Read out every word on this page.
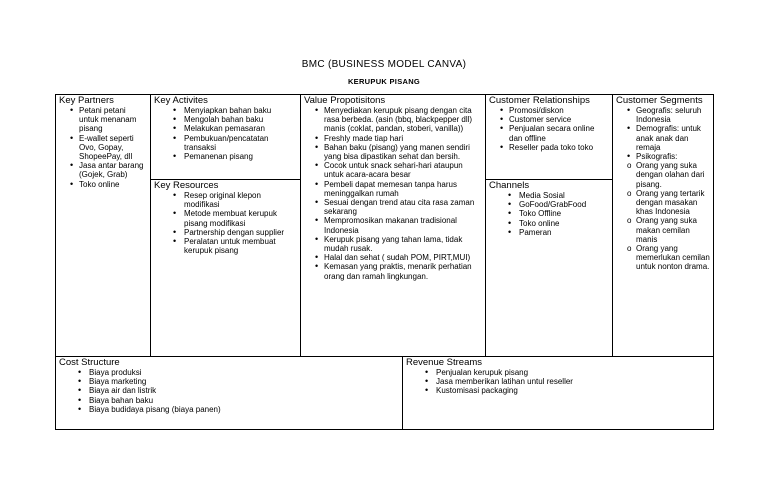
BMC (BUSINESS MODEL CANVA)
KERUPUK PISANG
Key Partners
• Petani petani untuk menanam pisang
• E-wallet seperti Ovo, Gopay, ShopeePay, dll
• Jasa antar barang (Gojek, Grab)
• Toko online
Key Activites
• Menyiapkan bahan baku
• Mengolah bahan baku
• Melakukan pemasaran
• Pembukuan/pencatatan transaksi
• Pemanenan pisang
Key Resources
• Resep original klepon modifikasi
• Metode membuat kerupuk pisang modifikasi
• Partnership dengan supplier
• Peralatan untuk membuat kerupuk pisang
Value Propotisitons
• Menyediakan kerupuk pisang dengan cita rasa berbeda. (asin (bbq, blackpepper dll) manis (coklat, pandan, stoberi, vanilla))
• Freshly made tiap hari
• Bahan baku (pisang) yang manen sendiri yang bisa dipastikan sehat dan bersih.
• Cocok untuk snack sehari-hari ataupun untuk acara-acara besar
• Pembeli dapat memesan tanpa harus meninggalkan rumah
• Sesuai dengan trend atau cita rasa zaman sekarang
• Mempromosikan makanan tradisional Indonesia
• Kerupuk pisang yang tahan lama, tidak mudah rusak.
• Halal dan sehat ( sudah POM, PIRT,MUI)
• Kemasan yang praktis, menarik perhatian orang dan ramah lingkungan.
Customer Relationships
• Promosi/diskon
• Customer service
• Penjualan secara online dan offline
• Reseller pada toko toko
Channels
• Media Sosial
• GoFood/GrabFood
• Toko Offline
• Toko online
• Pameran
Customer Segments
• Geografis: seluruh Indonesia
• Demografis: untuk anak anak dan remaja
• Psikografis:
o Orang yang suka dengan olahan dari pisang.
o Orang yang tertarik dengan masakan khas Indonesia
o Orang yang suka makan cemilan manis
o Orang yang memerlukan cemilan untuk nonton drama.
Cost Structure
• Biaya produksi
• Biaya marketing
• Biaya air dan listrik
• Biaya bahan baku
• Biaya budidaya pisang (biaya panen)
Revenue Streams
• Penjualan kerupuk pisang
• Jasa memberikan latihan untul reseller
• Kustomisasi packaging
